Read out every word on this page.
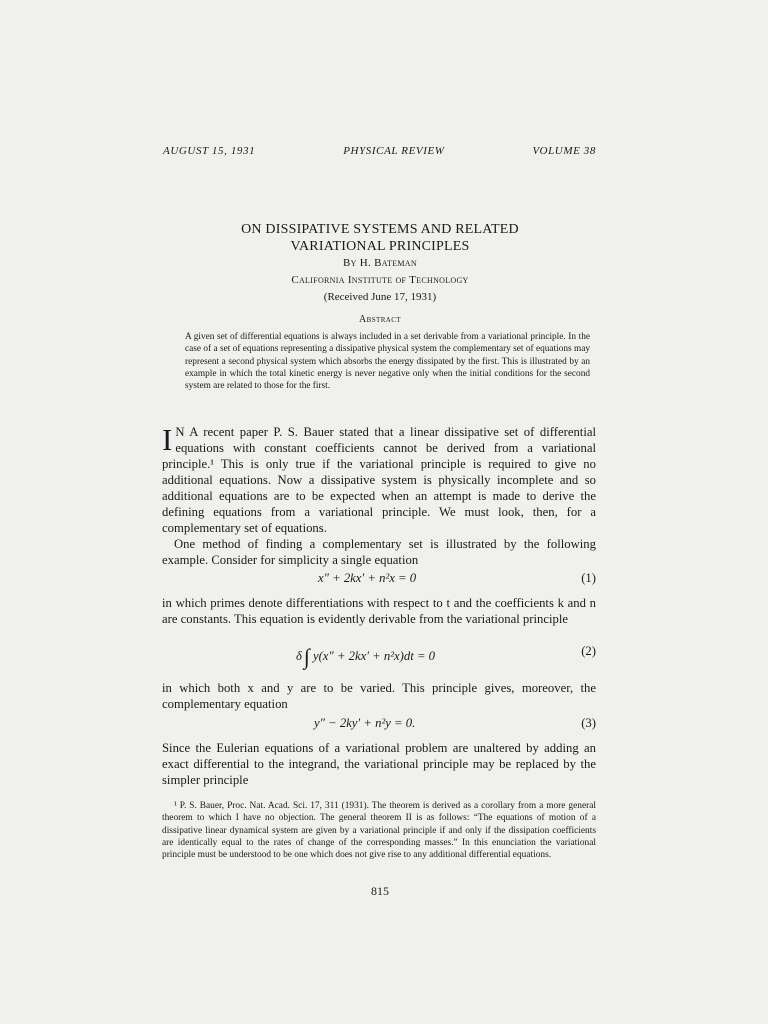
AUGUST 15, 1931	PHYSICAL REVIEW	VOLUME 38
ON DISSIPATIVE SYSTEMS AND RELATED
VARIATIONAL PRINCIPLES
By H. Bateman
California Institute of Technology
(Received June 17, 1931)
Abstract
A given set of differential equations is always included in a set derivable from a variational principle. In the case of a set of equations representing a dissipative physical system the complementary set of equations may represent a second physical system which absorbs the energy dissipated by the first. This is illustrated by an example in which the total kinetic energy is never negative only when the initial conditions for the second system are related to those for the first.
I N A recent paper P. S. Bauer stated that a linear dissipative set of differential equations with constant coefficients cannot be derived from a variational principle.¹ This is only true if the variational principle is required to give no additional equations. Now a dissipative system is physically incomplete and so additional equations are to be expected when an attempt is made to derive the defining equations from a variational principle. We must look, then, for a complementary set of equations.
One method of finding a complementary set is illustrated by the following example. Consider for simplicity a single equation
x″ + 2kx′ + n²x = 0	(1)
in which primes denote differentiations with respect to t and the coefficients k and n are constants. This equation is evidently derivable from the variational principle
δ∫ y(x″ + 2kx′ + n²x)dt = 0	(2)
in which both x and y are to be varied. This principle gives, moreover, the complementary equation
y″ − 2ky′ + n²y = 0.	(3)
Since the Eulerian equations of a variational problem are unaltered by adding an exact differential to the integrand, the variational principle may be replaced by the simpler principle
¹ P. S. Bauer, Proc. Nat. Acad. Sci. 17, 311 (1931). The theorem is derived as a corollary from a more general theorem to which I have no objection. The general theorem II is as follows: “The equations of motion of a dissipative linear dynamical system are given by a variational principle if and only if the dissipation coefficients are identically equal to the rates of change of the corresponding masses.” In this enunciation the variational principle must be understood to be one which does not give rise to any additional differential equations.
815
